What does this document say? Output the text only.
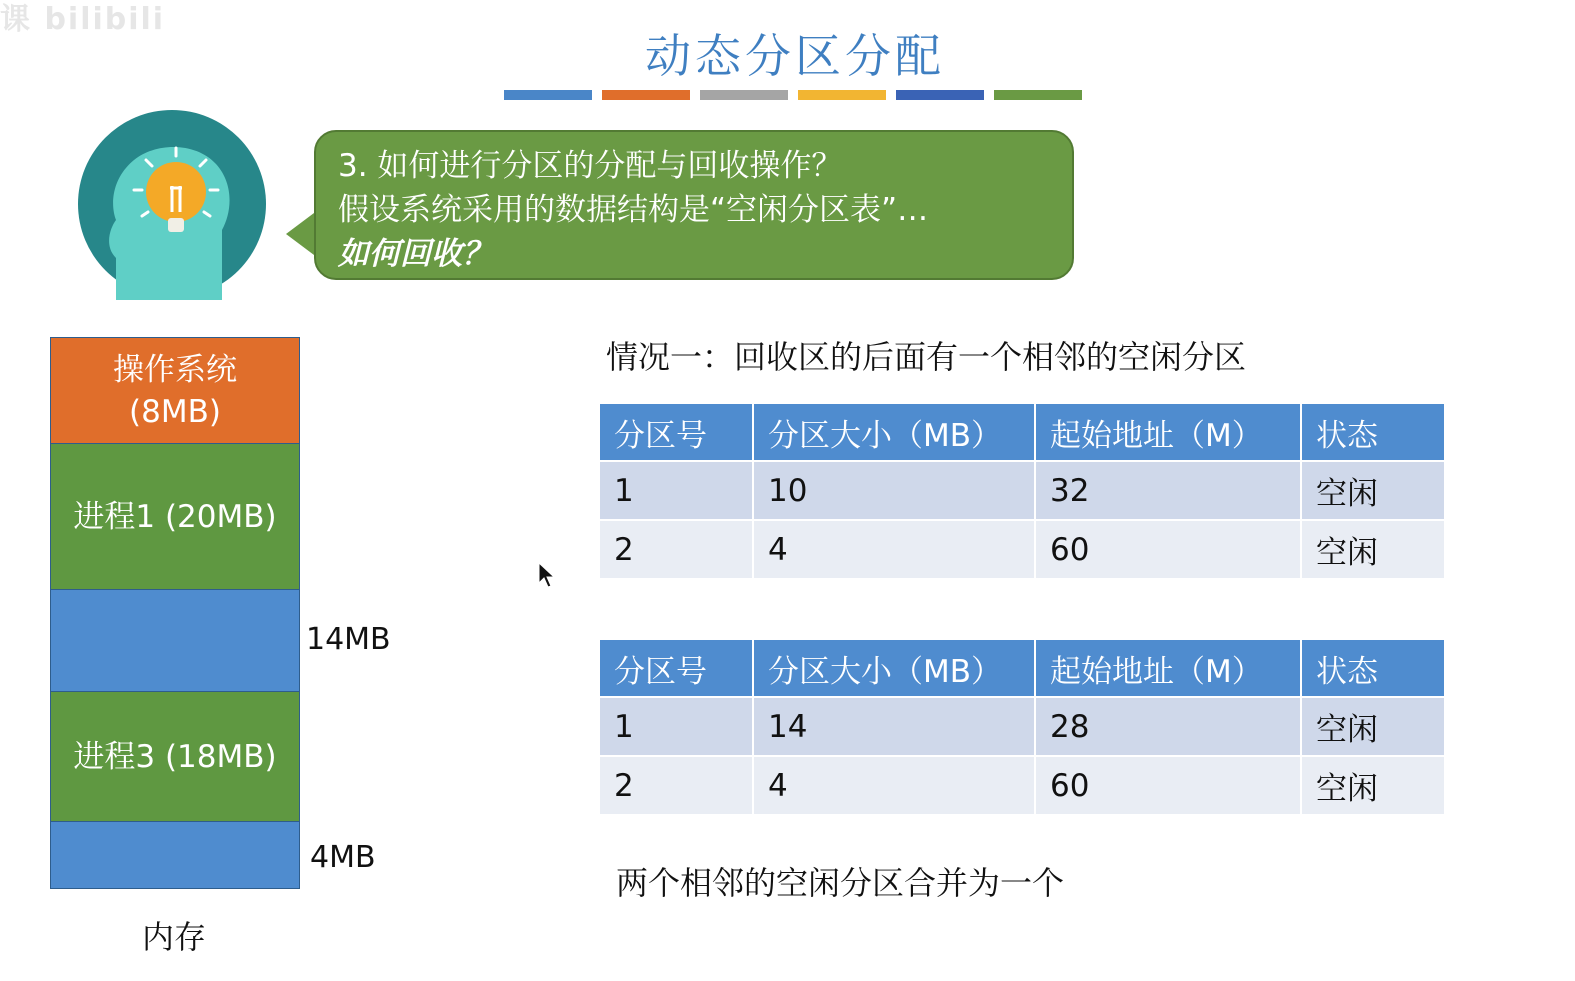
课 bilibili
动态分区分配
3. 如何进行分区的分配与回收操作？
假设系统采用的数据结构是“空闲分区表”…
如何回收？
操作系统
(8MB)
进程1 (20MB)
进程3 (18MB)
14MB
4MB
内存
情况一：回收区的后面有一个相邻的空闲分区
分区号	分区大小（MB）	起始地址（M）	状态
1	10	32	空闲
2	4	60	空闲
分区号	分区大小（MB）	起始地址（M）	状态
1	14	28	空闲
2	4	60	空闲
两个相邻的空闲分区合并为一个
